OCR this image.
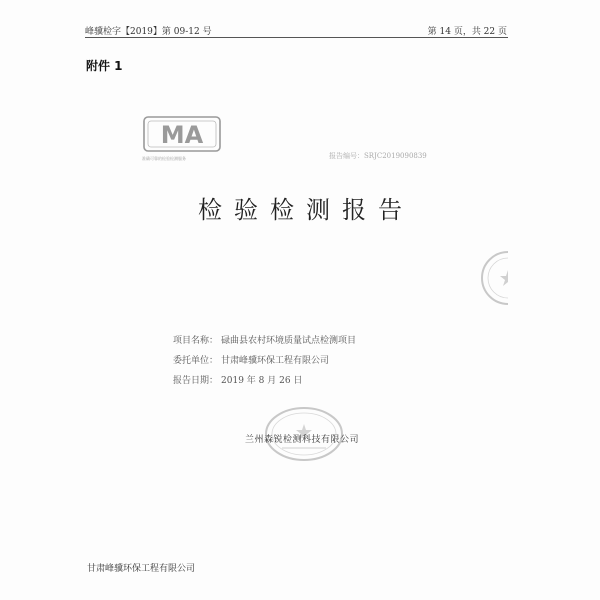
峰骥检字【2019】第 09-12 号	第 14 页，共 22 页
附件 1
MA
准确可靠的检验检测服务	报告编号：SRJC2019090839
检验检测报告
项目名称： 碌曲县农村环境质量试点检测项目
委托单位： 甘肃峰骥环保工程有限公司
报告日期： 2019 年 8 月 26 日
兰州森锐检测科技有限公司
甘肃峰骥环保工程有限公司
